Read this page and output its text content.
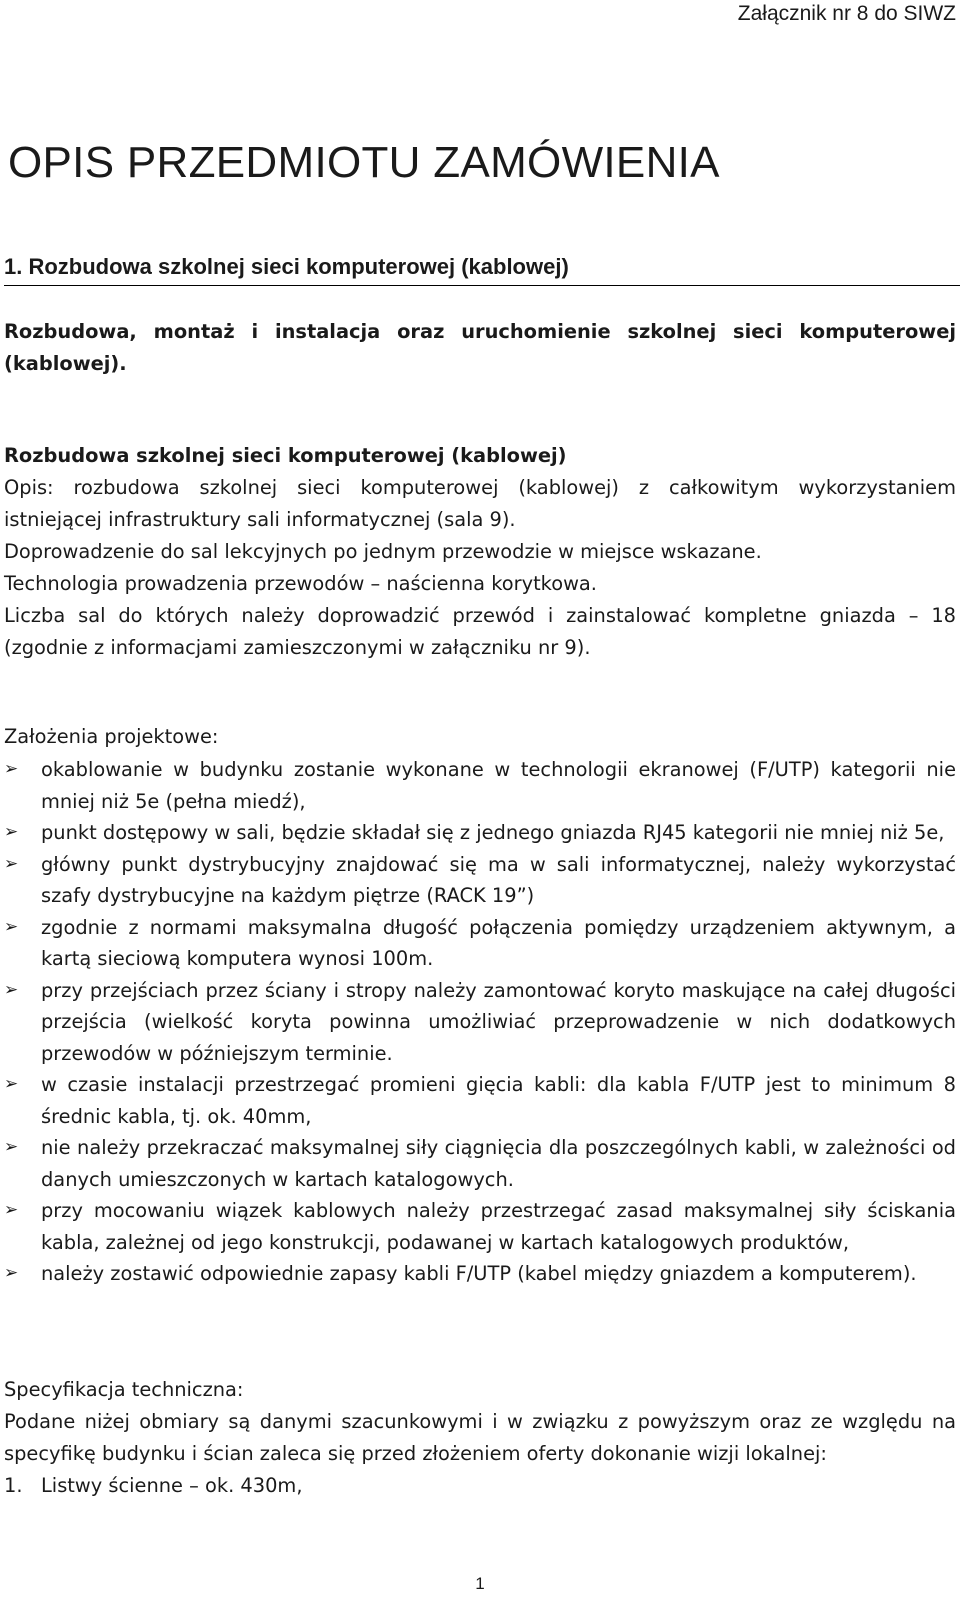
Załącznik nr 8 do SIWZ
OPIS PRZEDMIOTU ZAMÓWIENIA
1. Rozbudowa szkolnej sieci komputerowej (kablowej)

Rozbudowa, montaż i instalacja oraz uruchomienie szkolnej sieci komputerowej

(kablowej).

Rozbudowa szkolnej sieci komputerowej (kablowej)

Opis: rozbudowa szkolnej sieci komputerowej (kablowej) z całkowitym wykorzystaniem

istniejącej infrastruktury sali informatycznej (sala 9).

Doprowadzenie do sal lekcyjnych po jednym przewodzie w miejsce wskazane.

Technologia prowadzenia przewodów – naścienna korytkowa.

Liczba sal do których należy doprowadzić przewód i zainstalować kompletne gniazda – 18

(zgodnie z informacjami zamieszczonymi w załączniku nr 9).

Założenia projektowe:
➢ okablowanie w budynku zostanie wykonane w technologii ekranowej (F/UTP) kategorii nie mniej niż 5e (pełna miedź),
➢ punkt dostępowy w sali, będzie składał się z jednego gniazda RJ45 kategorii nie mniej niż 5e,
➢ główny punkt dystrybucyjny znajdować się ma w sali informatycznej, należy wykorzystać szafy dystrybucyjne na każdym piętrze (RACK 19”)
➢ zgodnie z normami maksymalna długość połączenia pomiędzy urządzeniem aktywnym, a kartą sieciową komputera wynosi 100m.
➢ przy przejściach przez ściany i stropy należy zamontować koryto maskujące na całej długości przejścia (wielkość koryta powinna umożliwiać przeprowadzenie w nich dodatkowych przewodów w późniejszym terminie.
➢ w czasie instalacji przestrzegać promieni gięcia kabli: dla kabla F/UTP jest to minimum 8 średnic kabla, tj. ok. 40mm,
➢ nie należy przekraczać maksymalnej siły ciągnięcia dla poszczególnych kabli, w zależności od danych umieszczonych w kartach katalogowych.
➢ przy mocowaniu wiązek kablowych należy przestrzegać zasad maksymalnej siły ściskania kabla, zależnej od jego konstrukcji, podawanej w kartach katalogowych produktów,
➢ należy zostawić odpowiednie zapasy kabli F/UTP (kabel między gniazdem a komputerem).

Specyfikacja techniczna:

Podane niżej obmiary są danymi szacunkowymi i w związku z powyższym oraz ze względu na

specyfikę budynku i ścian zaleca się przed złożeniem oferty dokonanie wizji lokalnej:

1. Listwy ścienne – ok. 430m,
1
